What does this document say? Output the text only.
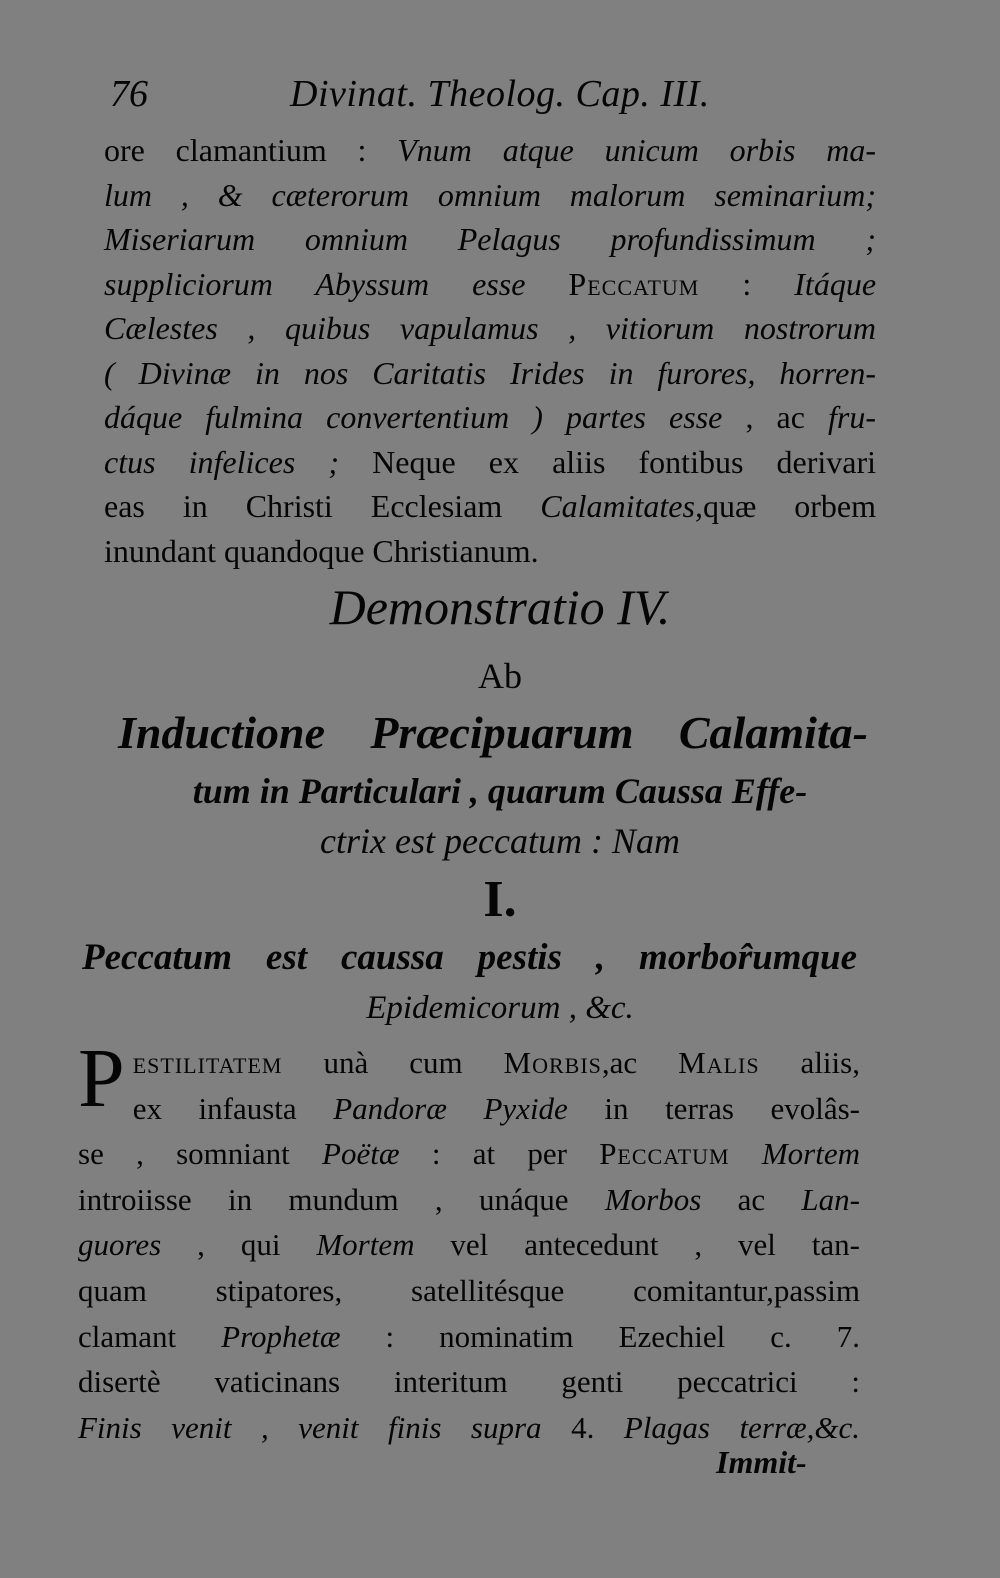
76	Divinat. Theolog. Cap. III.
ore clamantium : Vnum atque unicum orbis ma-
lum , & cæterorum omnium malorum seminarium;
Miseriarum omnium Pelagus profundissimum ;
suppliciorum Abyssum esse Peccatum : Itáque
Cælestes , quibus vapulamus , vitiorum nostrorum
( Divinæ in nos Caritatis Irides in furores, horren-
dáque fulmina convertentium ) partes esse , ac fru-
ctus infelices ; Neque ex aliis fontibus derivari
eas in Christi Ecclesiam Calamitates,quæ orbem
inundant quandoque Christianum.
Demonstratio IV.
Ab
Inductione Præcipuarum Calamita-
tum in Particulari , quarum Caussa Effe-
ctrix est peccatum : Nam
I.
Peccatum est caussa pestis , morbor̂umque
Epidemicorum , &c.
P estilitatem unà cum Morbis,ac Malis aliis,
ex infausta Pandoræ Pyxide in terras evolâs-
se , somniant Poëtæ : at per Peccatum Mortem
introiisse in mundum , unáque Morbos ac Lan-
guores , qui Mortem vel antecedunt , vel tan-
quam stipatores, satellitésque comitantur,passim
clamant Prophetæ : nominatim Ezechiel c. 7.
disertè vaticinans interitum genti peccatrici :
Finis venit , venit finis supra 4. Plagas terræ,&c.
Immit-
